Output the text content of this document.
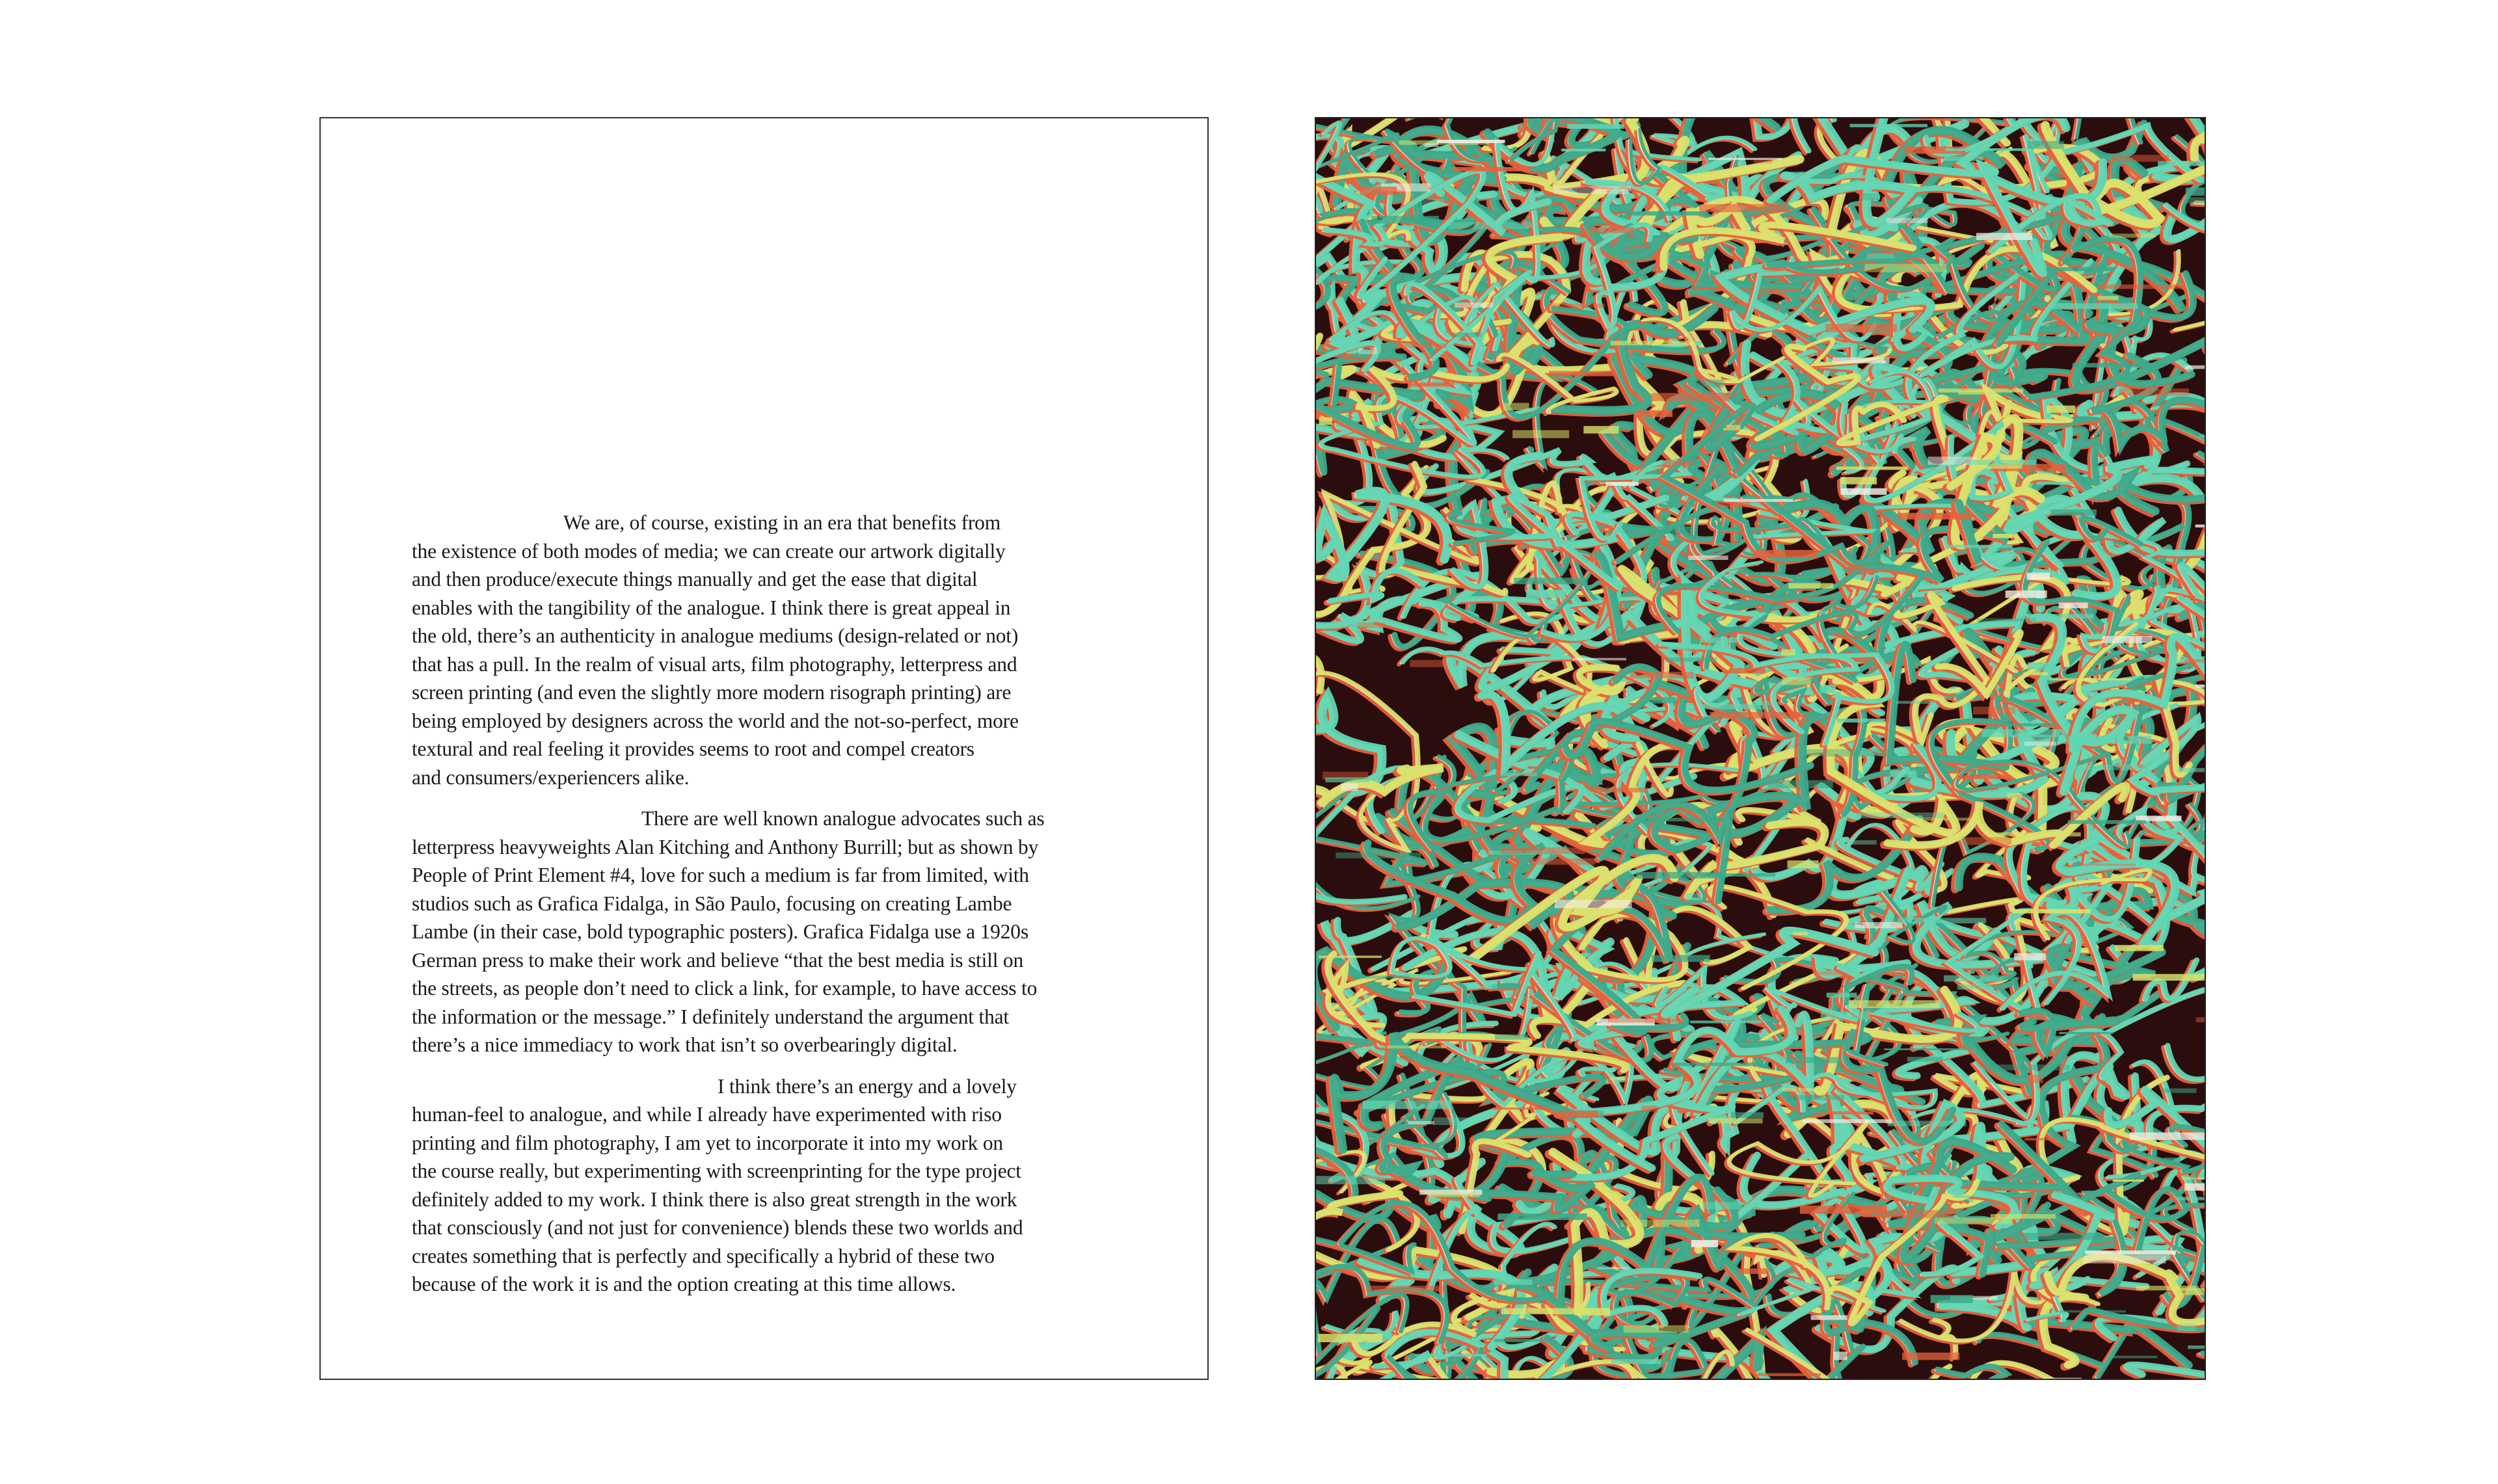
We are, of course, existing in an era that benefits from
the existence of both modes of media; we can create our artwork digitally
and then produce/execute things manually and get the ease that digital
enables with the tangibility of the analogue. I think there is great appeal in
the old, there’s an authenticity in analogue mediums (design-related or not)
that has a pull. In the realm of visual arts, film photography, letterpress and
screen printing (and even the slightly more modern risograph printing) are
being employed by designers across the world and the not-so-perfect, more
textural and real feeling it provides seems to root and compel creators
and consumers/experiencers alike.

There are well known analogue advocates such as
letterpress heavyweights Alan Kitching and Anthony Burrill; but as shown by
People of Print Element #4, love for such a medium is far from limited, with
studios such as Grafica Fidalga, in São Paulo, focusing on creating Lambe
Lambe (in their case, bold typographic posters). Grafica Fidalga use a 1920s
German press to make their work and believe “that the best media is still on
the streets, as people don’t need to click a link, for example, to have access to
the information or the message.” I definitely understand the argument that
there’s a nice immediacy to work that isn’t so overbearingly digital.

I think there’s an energy and a lovely
human-feel to analogue, and while I already have experimented with riso
printing and film photography, I am yet to incorporate it into my work on
the course really, but experimenting with screenprinting for the type project
definitely added to my work. I think there is also great strength in the work
that consciously (and not just for convenience) blends these two worlds and
creates something that is perfectly and specifically a hybrid of these two
because of the work it is and the option creating at this time allows.
